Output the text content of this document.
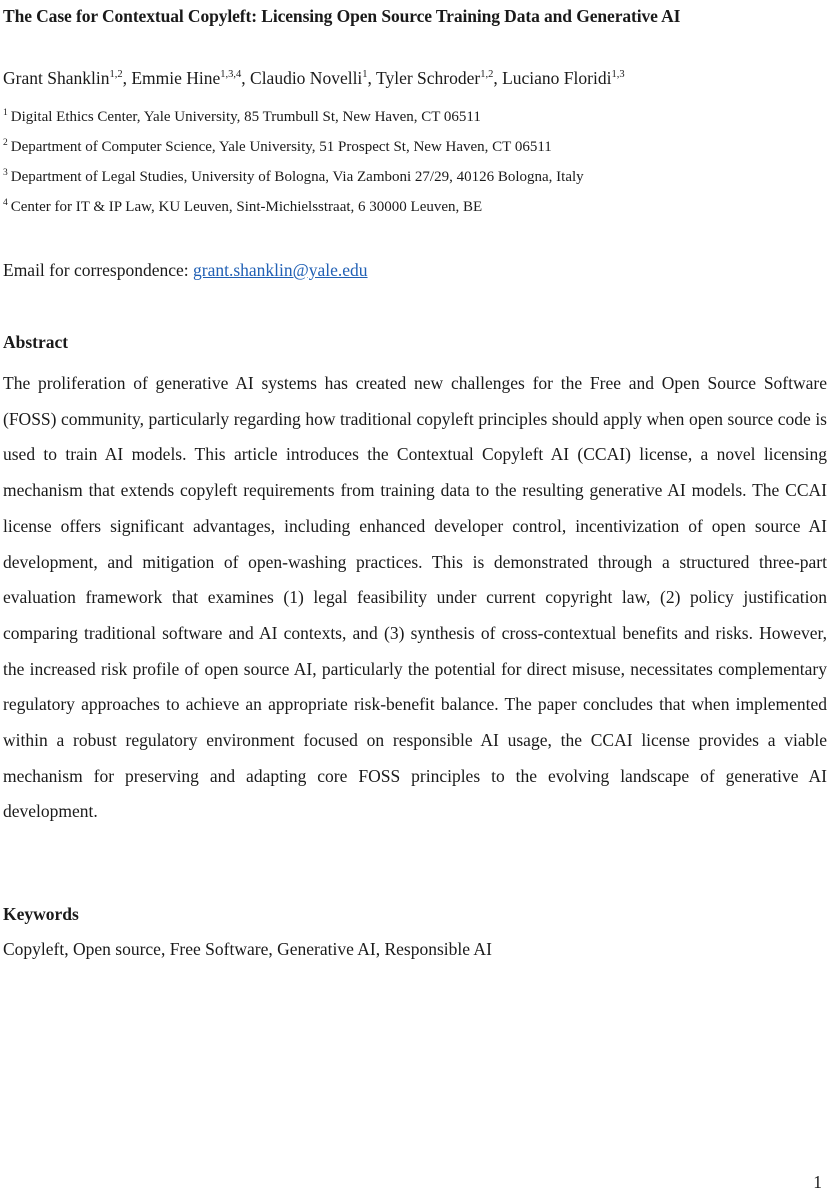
The Case for Contextual Copyleft: Licensing Open Source Training Data and Generative AI
Grant Shanklin$^{1,2}$, Emmie Hine$^{1,3,4}$, Claudio Novelli$^1$, Tyler Schroder$^{1,2}$, Luciano Floridi$^{1,3}$
$^1$ Digital Ethics Center, Yale University, 85 Trumbull St, New Haven, CT 06511
$^2$ Department of Computer Science, Yale University, 51 Prospect St, New Haven, CT 06511
$^3$ Department of Legal Studies, University of Bologna, Via Zamboni 27/29, 40126 Bologna, Italy
$^4$ Center for IT & IP Law, KU Leuven, Sint-Michielsstraat, 6 30000 Leuven, BE
Email for correspondence: grant.shanklin@yale.edu
Abstract
The proliferation of generative AI systems has created new challenges for the Free and Open Source Software (FOSS) community, particularly regarding how traditional copyleft principles should apply when open source code is used to train AI models. This article introduces the Contextual Copyleft AI (CCAI) license, a novel licensing mechanism that extends copyleft requirements from training data to the resulting generative AI models. The CCAI license offers significant advantages, including enhanced developer control, incentivization of open source AI development, and mitigation of open-washing practices. This is demonstrated through a structured three-part evaluation framework that examines (1) legal feasibility under current copyright law, (2) policy justification comparing traditional software and AI contexts, and (3) synthesis of cross-contextual benefits and risks. However, the increased risk profile of open source AI, particularly the potential for direct misuse, necessitates complementary regulatory approaches to achieve an appropriate risk-benefit balance. The paper concludes that when implemented within a robust regulatory environment focused on responsible AI usage, the CCAI license provides a viable mechanism for preserving and adapting core FOSS principles to the evolving landscape of generative AI development.
Keywords
Copyleft, Open source, Free Software, Generative AI, Responsible AI
1
